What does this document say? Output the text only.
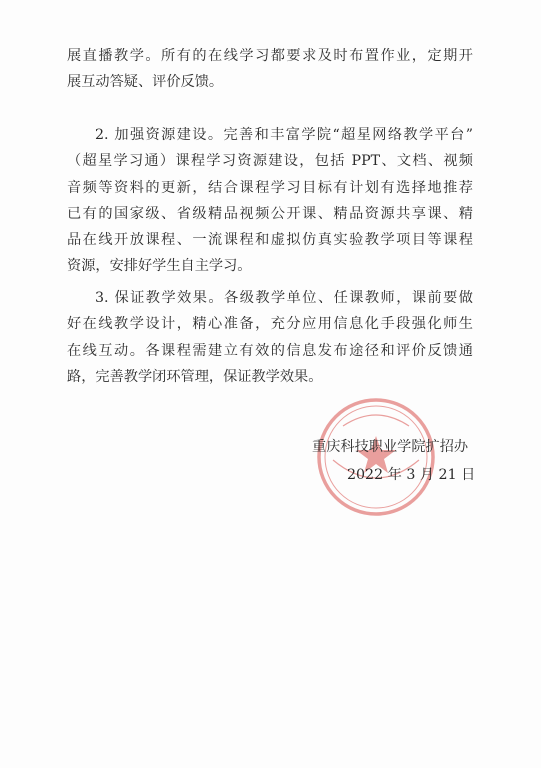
展直播教学。所有的在线学习都要求及时布置作业，定期开
展互动答疑、评价反馈。

2. 加强资源建设。完善和丰富学院“超星网络教学平台”
（超星学习通）课程学习资源建设，包括 PPT、文档、视频
音频等资料的更新，结合课程学习目标有计划有选择地推荐
已有的国家级、省级精品视频公开课、精品资源共享课、精
品在线开放课程、一流课程和虚拟仿真实验教学项目等课程
资源，安排好学生自主学习。

3. 保证教学效果。各级教学单位、任课教师，课前要做
好在线教学设计，精心准备，充分应用信息化手段强化师生
在线互动。各课程需建立有效的信息发布途径和评价反馈通
路，完善教学闭环管理，保证教学效果。

重庆科技职业学院扩招办
2022 年 3 月 21 日
